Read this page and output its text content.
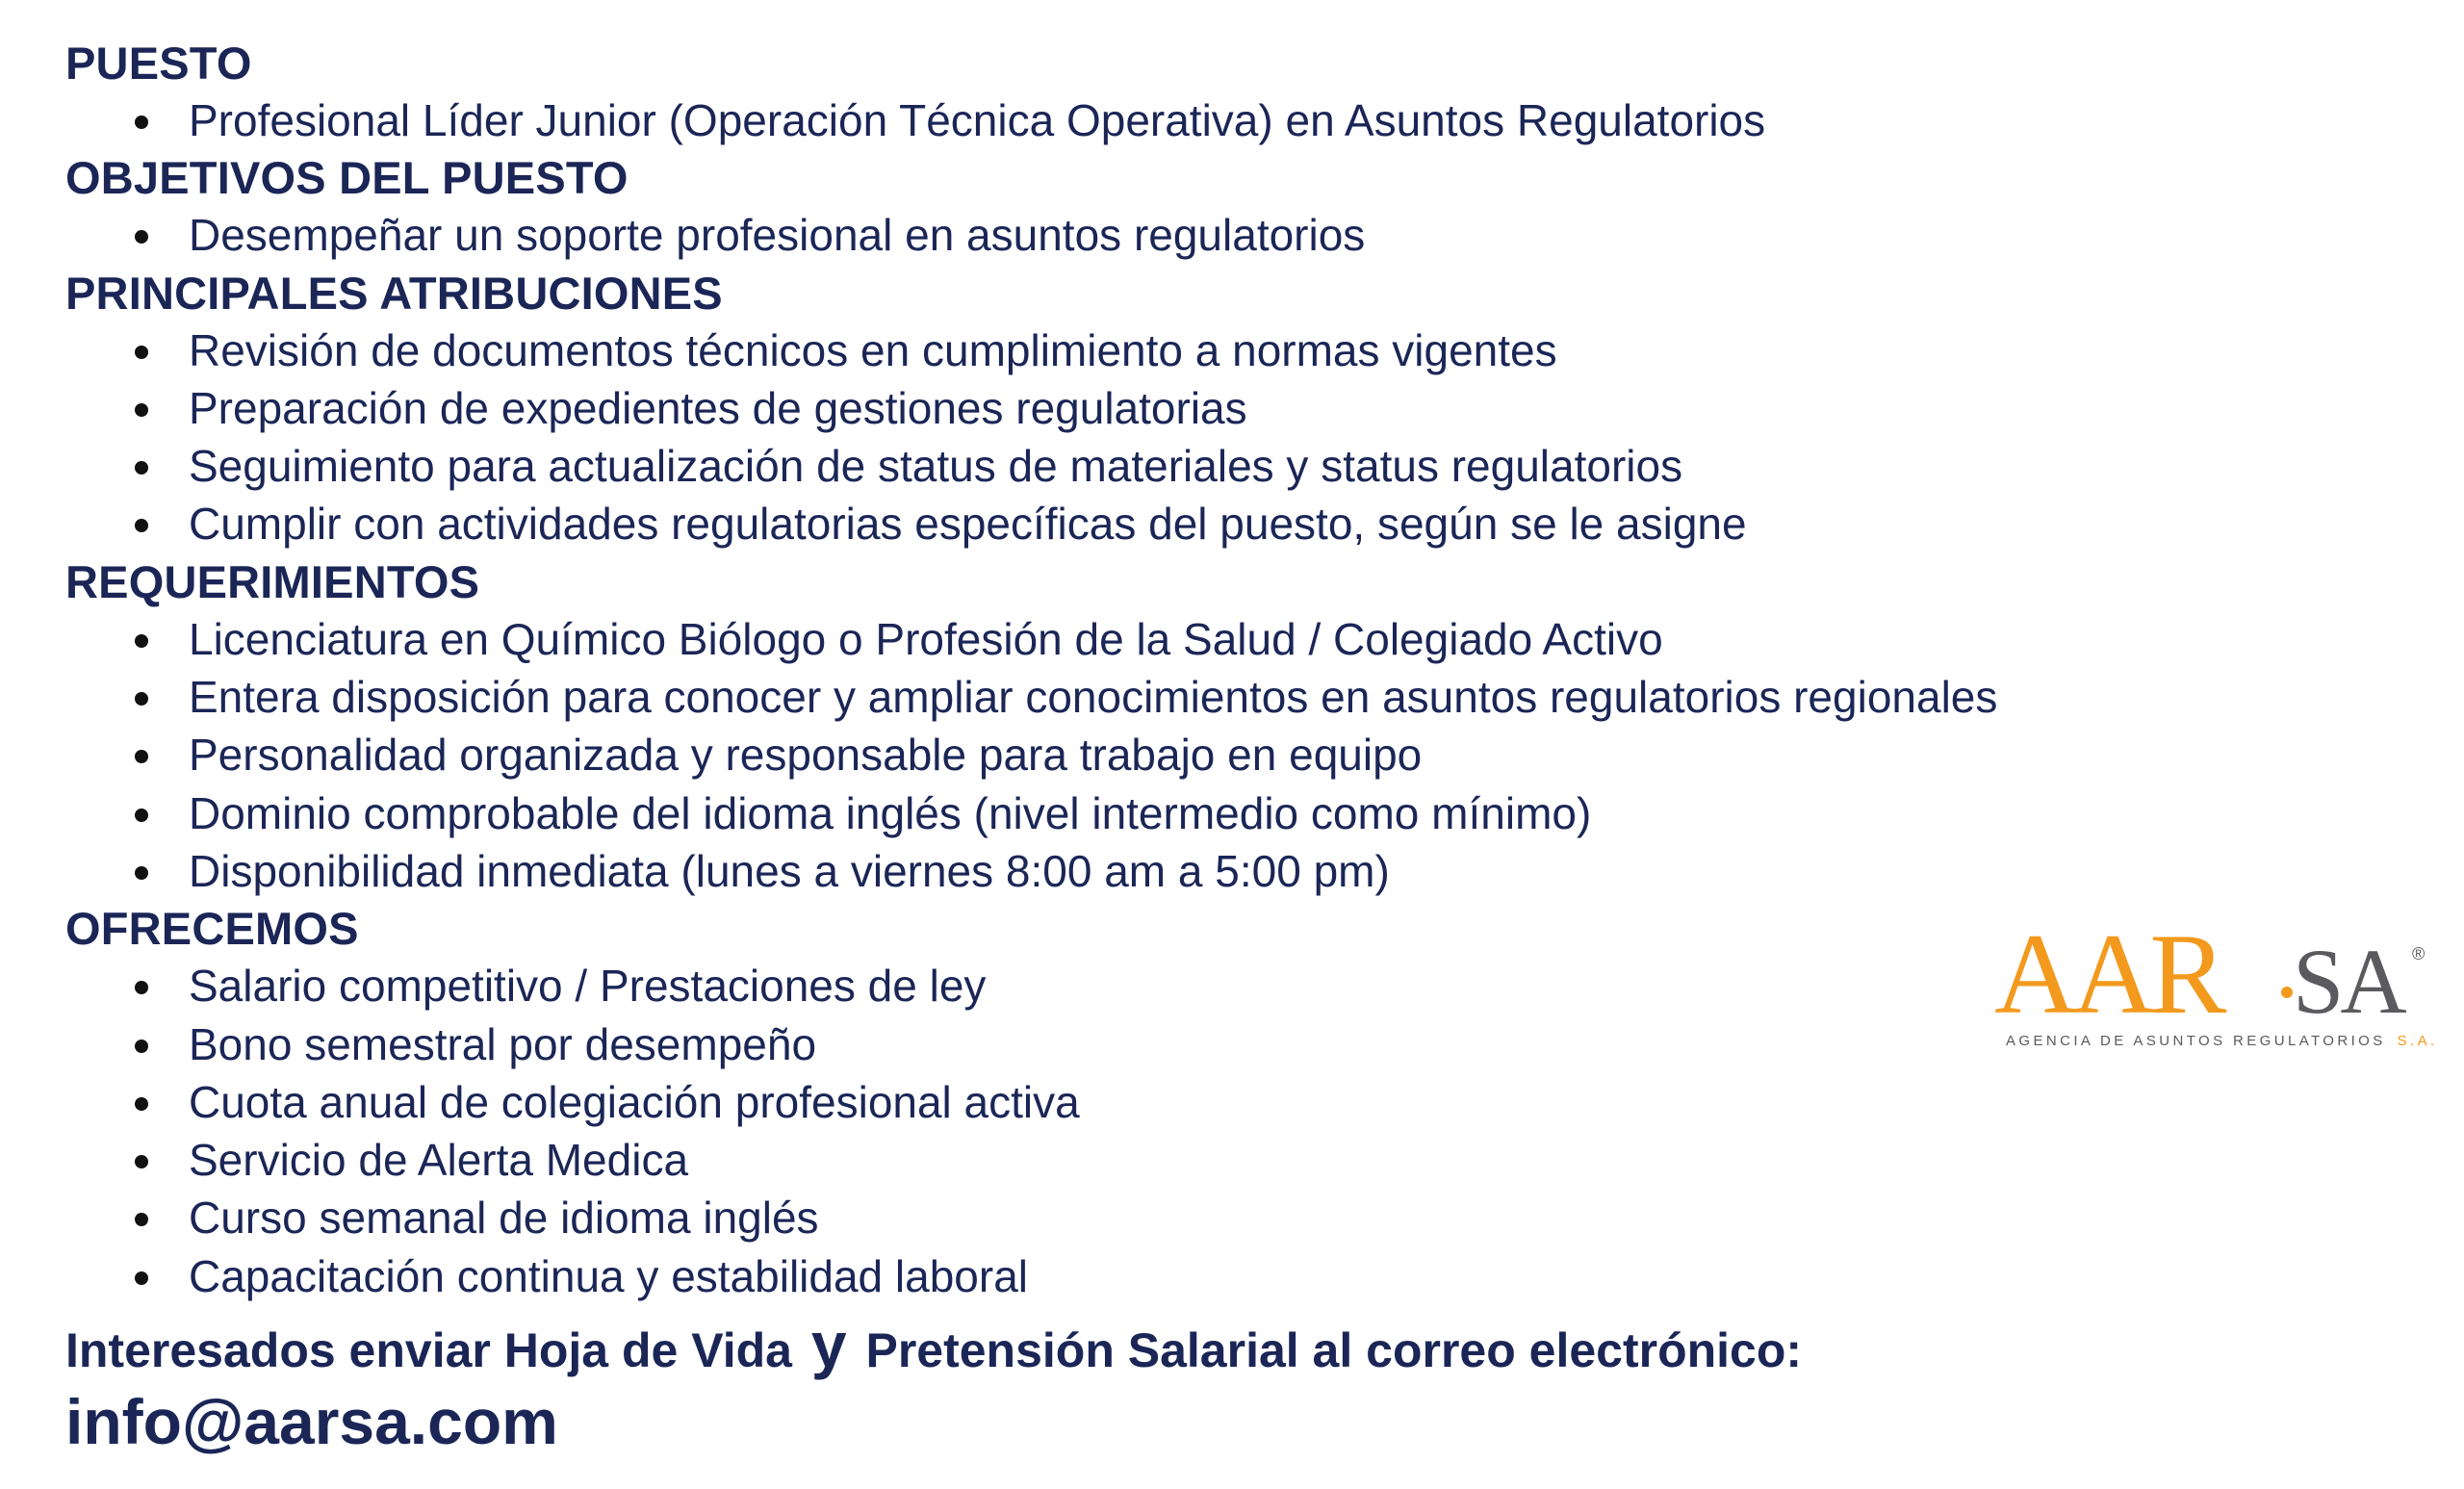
PUESTO
Profesional Líder Junior (Operación Técnica Operativa) en Asuntos Regulatorios
OBJETIVOS DEL PUESTO
Desempeñar un soporte profesional en asuntos regulatorios
PRINCIPALES ATRIBUCIONES
Revisión de documentos técnicos en cumplimiento a normas vigentes
Preparación de expedientes de gestiones regulatorias
Seguimiento para actualización de status de materiales y status regulatorios
Cumplir con actividades regulatorias específicas del puesto, según se le asigne
REQUERIMIENTOS
Licenciatura en Químico Biólogo o Profesión de la Salud / Colegiado Activo
Entera disposición para conocer y ampliar conocimientos en asuntos regulatorios regionales
Personalidad organizada y responsable para trabajo en equipo
Dominio comprobable del idioma inglés (nivel intermedio como mínimo)
Disponibilidad inmediata (lunes a viernes 8:00 am a 5:00 pm)
OFRECEMOS
Salario competitivo / Prestaciones de ley
Bono semestral por desempeño
Cuota anual de colegiación profesional activa
Servicio de Alerta Medica
Curso semanal de idioma inglés
Capacitación continua y estabilidad laboral
Interesados enviar Hoja de Vida y Pretensión Salarial al correo electrónico:
info@aarsa.com
AAR SA ®
AGENCIA DE ASUNTOS REGULATORIOS S.A.
